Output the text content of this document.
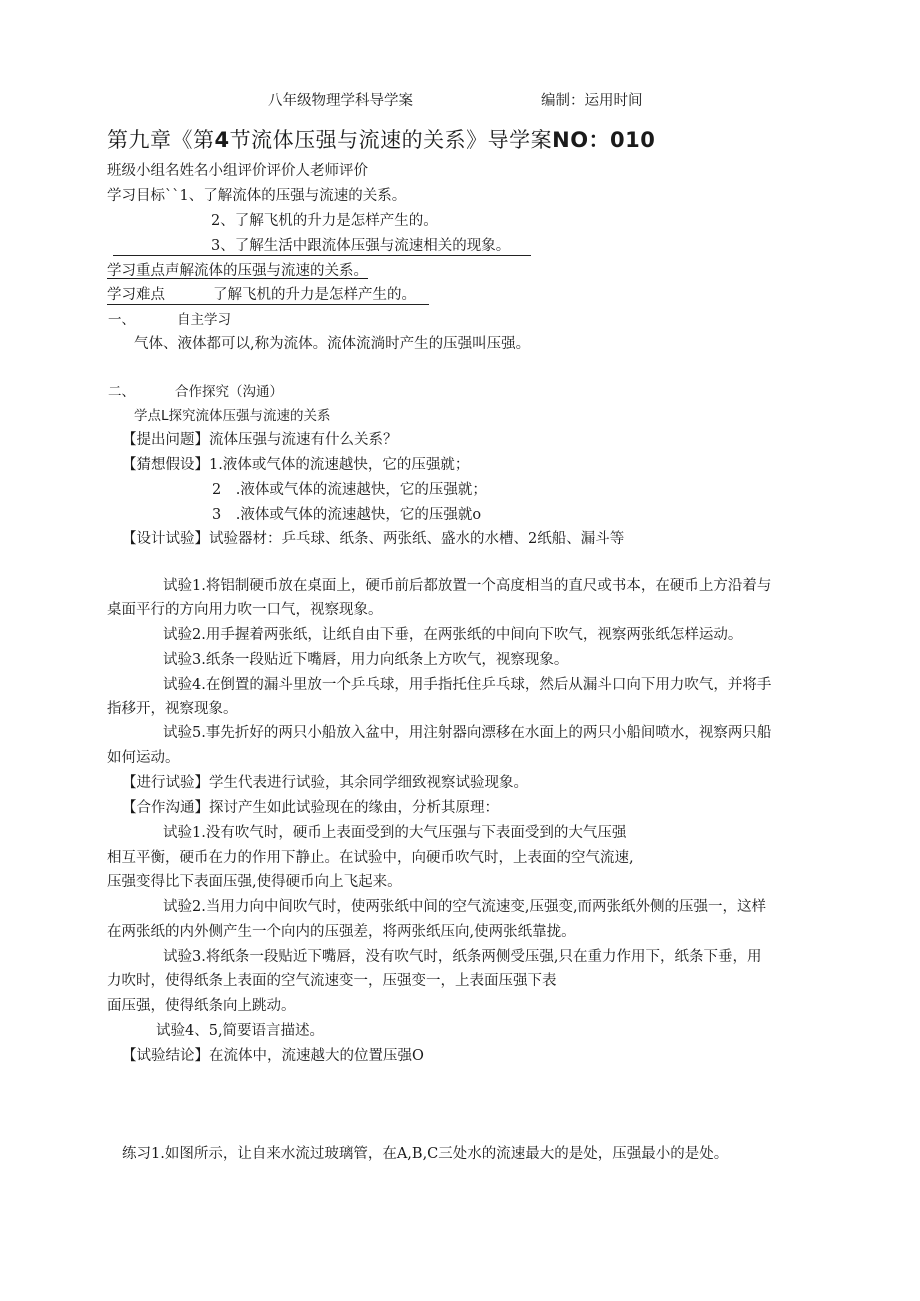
八年级物理学科导学案	编制：运用时间
第九章《第4节流体压强与流速的关系》导学案NO：010
班级小组名姓名小组评价评价人老师评价
学习目标``1、了解流体的压强与流速的关系。
2、了解飞机的升力是怎样产生的。
3、了解生活中跟流体压强与流速相关的现象。
学习重点声解流体的压强与流速的关系。
学习难点	了解飞机的升力是怎样产生的。
一、	自主学习
气体、液体都可以,称为流体。流体流淌时产生的压强叫压强。
二、	合作探究（沟通）
学点L探究流体压强与流速的关系
【提出问题】流体压强与流速有什么关系？
【猜想假设】1.液体或气体的流速越快，它的压强就；
2　.液体或气体的流速越快，它的压强就；
3　.液体或气体的流速越快，它的压强就o
【设计试验】试验器材：乒乓球、纸条、两张纸、盛水的水槽、2纸船、漏斗等
试验1.将铝制硬币放在桌面上，硬币前后都放置一个高度相当的直尺或书本，在硬币上方沿着与
桌面平行的方向用力吹一口气，视察现象。
试验2.用手握着两张纸，让纸自由下垂，在两张纸的中间向下吹气，视察两张纸怎样运动。
试验3.纸条一段贴近下嘴唇，用力向纸条上方吹气，视察现象。
试验4.在倒置的漏斗里放一个乒乓球，用手指托住乒乓球，然后从漏斗口向下用力吹气，并将手
指移开，视察现象。
试验5.事先折好的两只小船放入盆中，用注射器向漂移在水面上的两只小船间喷水，视察两只船
如何运动。
【进行试验】学生代表进行试验，其余同学细致视察试验现象。
【合作沟通】探讨产生如此试验现在的缘由，分析其原理：
试验1.没有吹气时，硬币上表面受到的大气压强与下表面受到的大气压强
相互平衡，硬币在力的作用下静止。在试验中，向硬币吹气时，上表面的空气流速,
压强变得比下表面压强,使得硬币向上飞起来。
试验2.当用力向中间吹气时，使两张纸中间的空气流速变,压强变,而两张纸外侧的压强一，这样
在两张纸的内外侧产生一个向内的压强差，将两张纸压向,使两张纸靠拢。
试验3.将纸条一段贴近下嘴唇，没有吹气时，纸条两侧受压强,只在重力作用下，纸条下垂，用
力吹时，使得纸条上表面的空气流速变一，压强变一，上表面压强下表
面压强，使得纸条向上跳动。
试验4、5,简要语言描述。
【试验结论】在流体中，流速越大的位置压强O
练习1.如图所示，让自来水流过玻璃管，在A,B,C三处水的流速最大的是处，压强最小的是处。
